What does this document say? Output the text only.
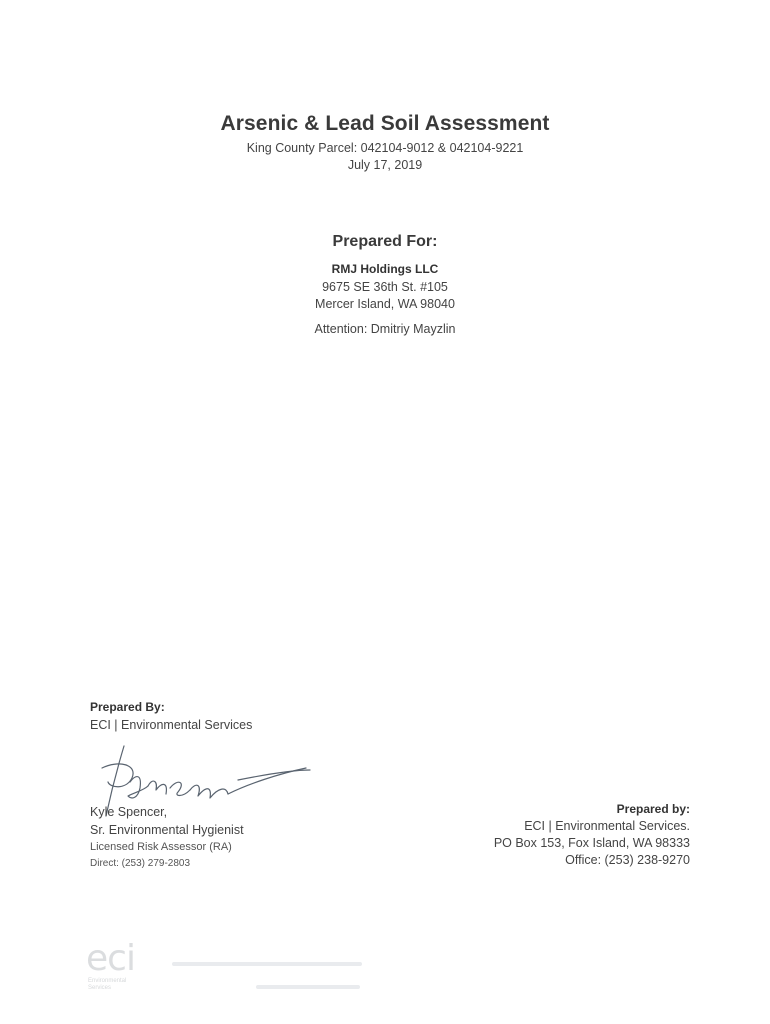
Arsenic & Lead Soil Assessment
King County Parcel: 042104-9012 & 042104-9221
July 17, 2019
Prepared For:
RMJ Holdings LLC
9675 SE 36th St. #105
Mercer Island, WA 98040
Attention: Dmitriy Mayzlin
Prepared By:
ECI | Environmental Services
Kyle Spencer,
Sr. Environmental Hygienist
Licensed Risk Assessor (RA)
Direct: (253) 279-2803
Prepared by:
ECI | Environmental Services.
PO Box 153, Fox Island, WA 98333
Office: (253) 238-9270
eci
Environmental Services
